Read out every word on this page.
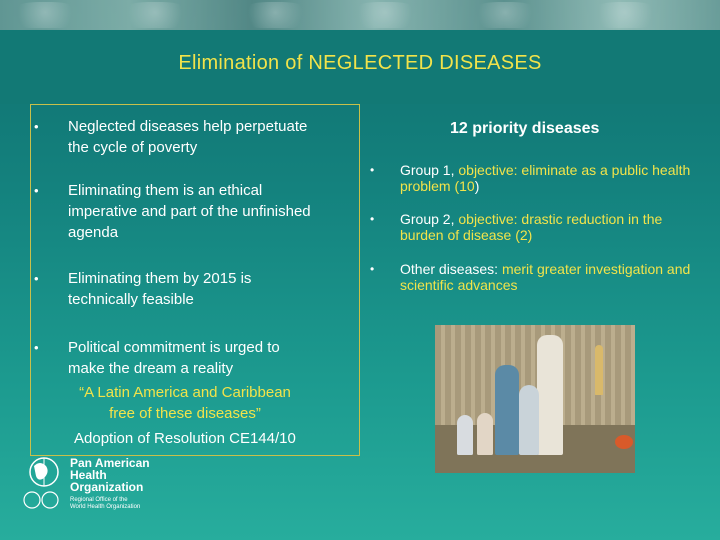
Elimination of NEGLECTED DISEASES
• Neglected diseases help perpetuate
the cycle of poverty
• Eliminating them is an ethical
imperative and part of the unfinished
agenda
• Eliminating them by 2015 is
technically feasible
• Political commitment is urged to
make the dream a reality
“A Latin America and Caribbean
free of these diseases”
Adoption of Resolution CE144/10
12 priority diseases
• Group 1, objective: eliminate as a public health problem (10)
• Group 2, objective: drastic reduction in the burden of disease (2)
• Other diseases: merit greater investigation and scientific advances
Pan American
Health
Organization
Regional Office of the
World Health Organization
